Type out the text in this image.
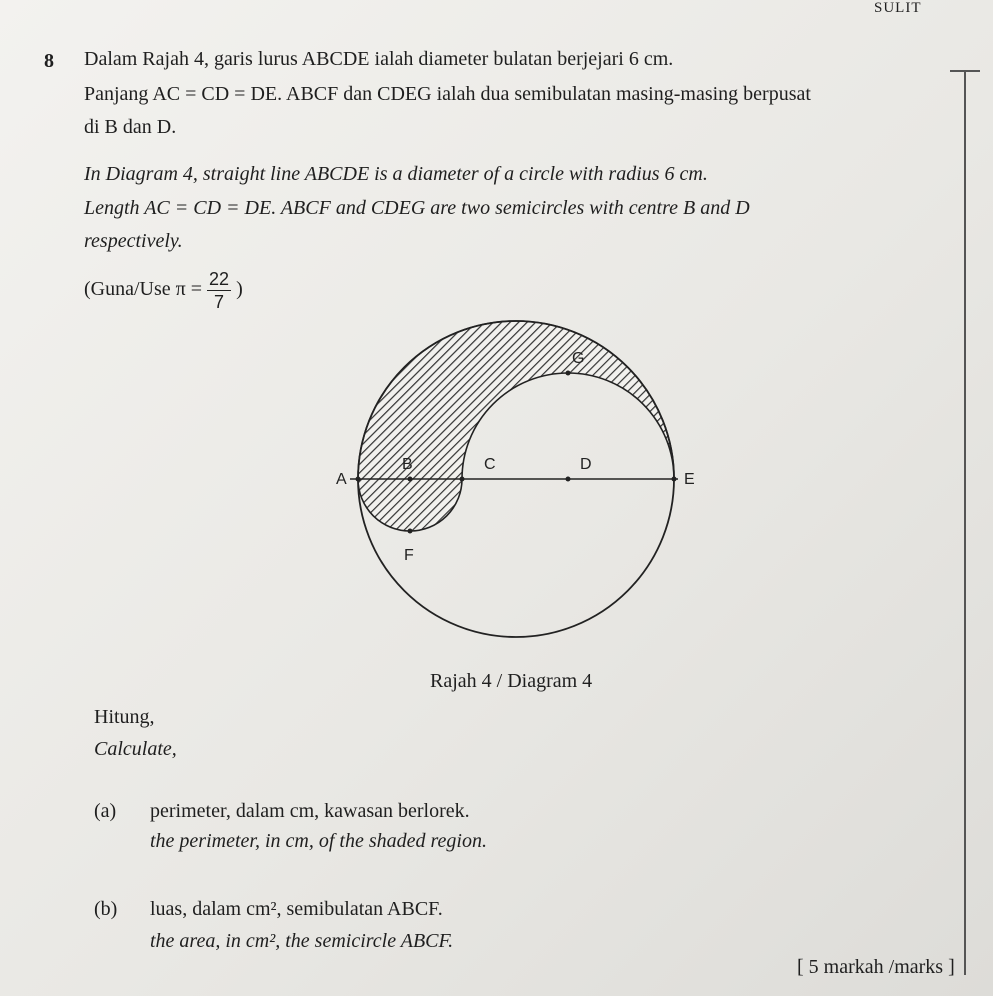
SULIT
8 Dalam Rajah 4, garis lurus ABCDE ialah diameter bulatan berjejari 6 cm.
Panjang AC = CD = DE. ABCF dan CDEG ialah dua semibulatan masing-masing berpusat
di B dan D.
In Diagram 4, straight line ABCDE is a diameter of a circle with radius 6 cm.
Length AC = CD = DE. ABCF and CDEG are two semicircles with centre B and D
respectively.
(Guna/Use $\pi = \frac{22}{7}$ )
A
B	C	D
E
F
G
Rajah 4 / Diagram 4
Hitung,
Calculate,
(a) perimeter, dalam cm, kawasan berlorek.
the perimeter, in cm, of the shaded region.
(b) luas, dalam cm², semibulatan ABCF.
the area, in cm², the semicircle ABCF.
[ 5 markah /marks ]
